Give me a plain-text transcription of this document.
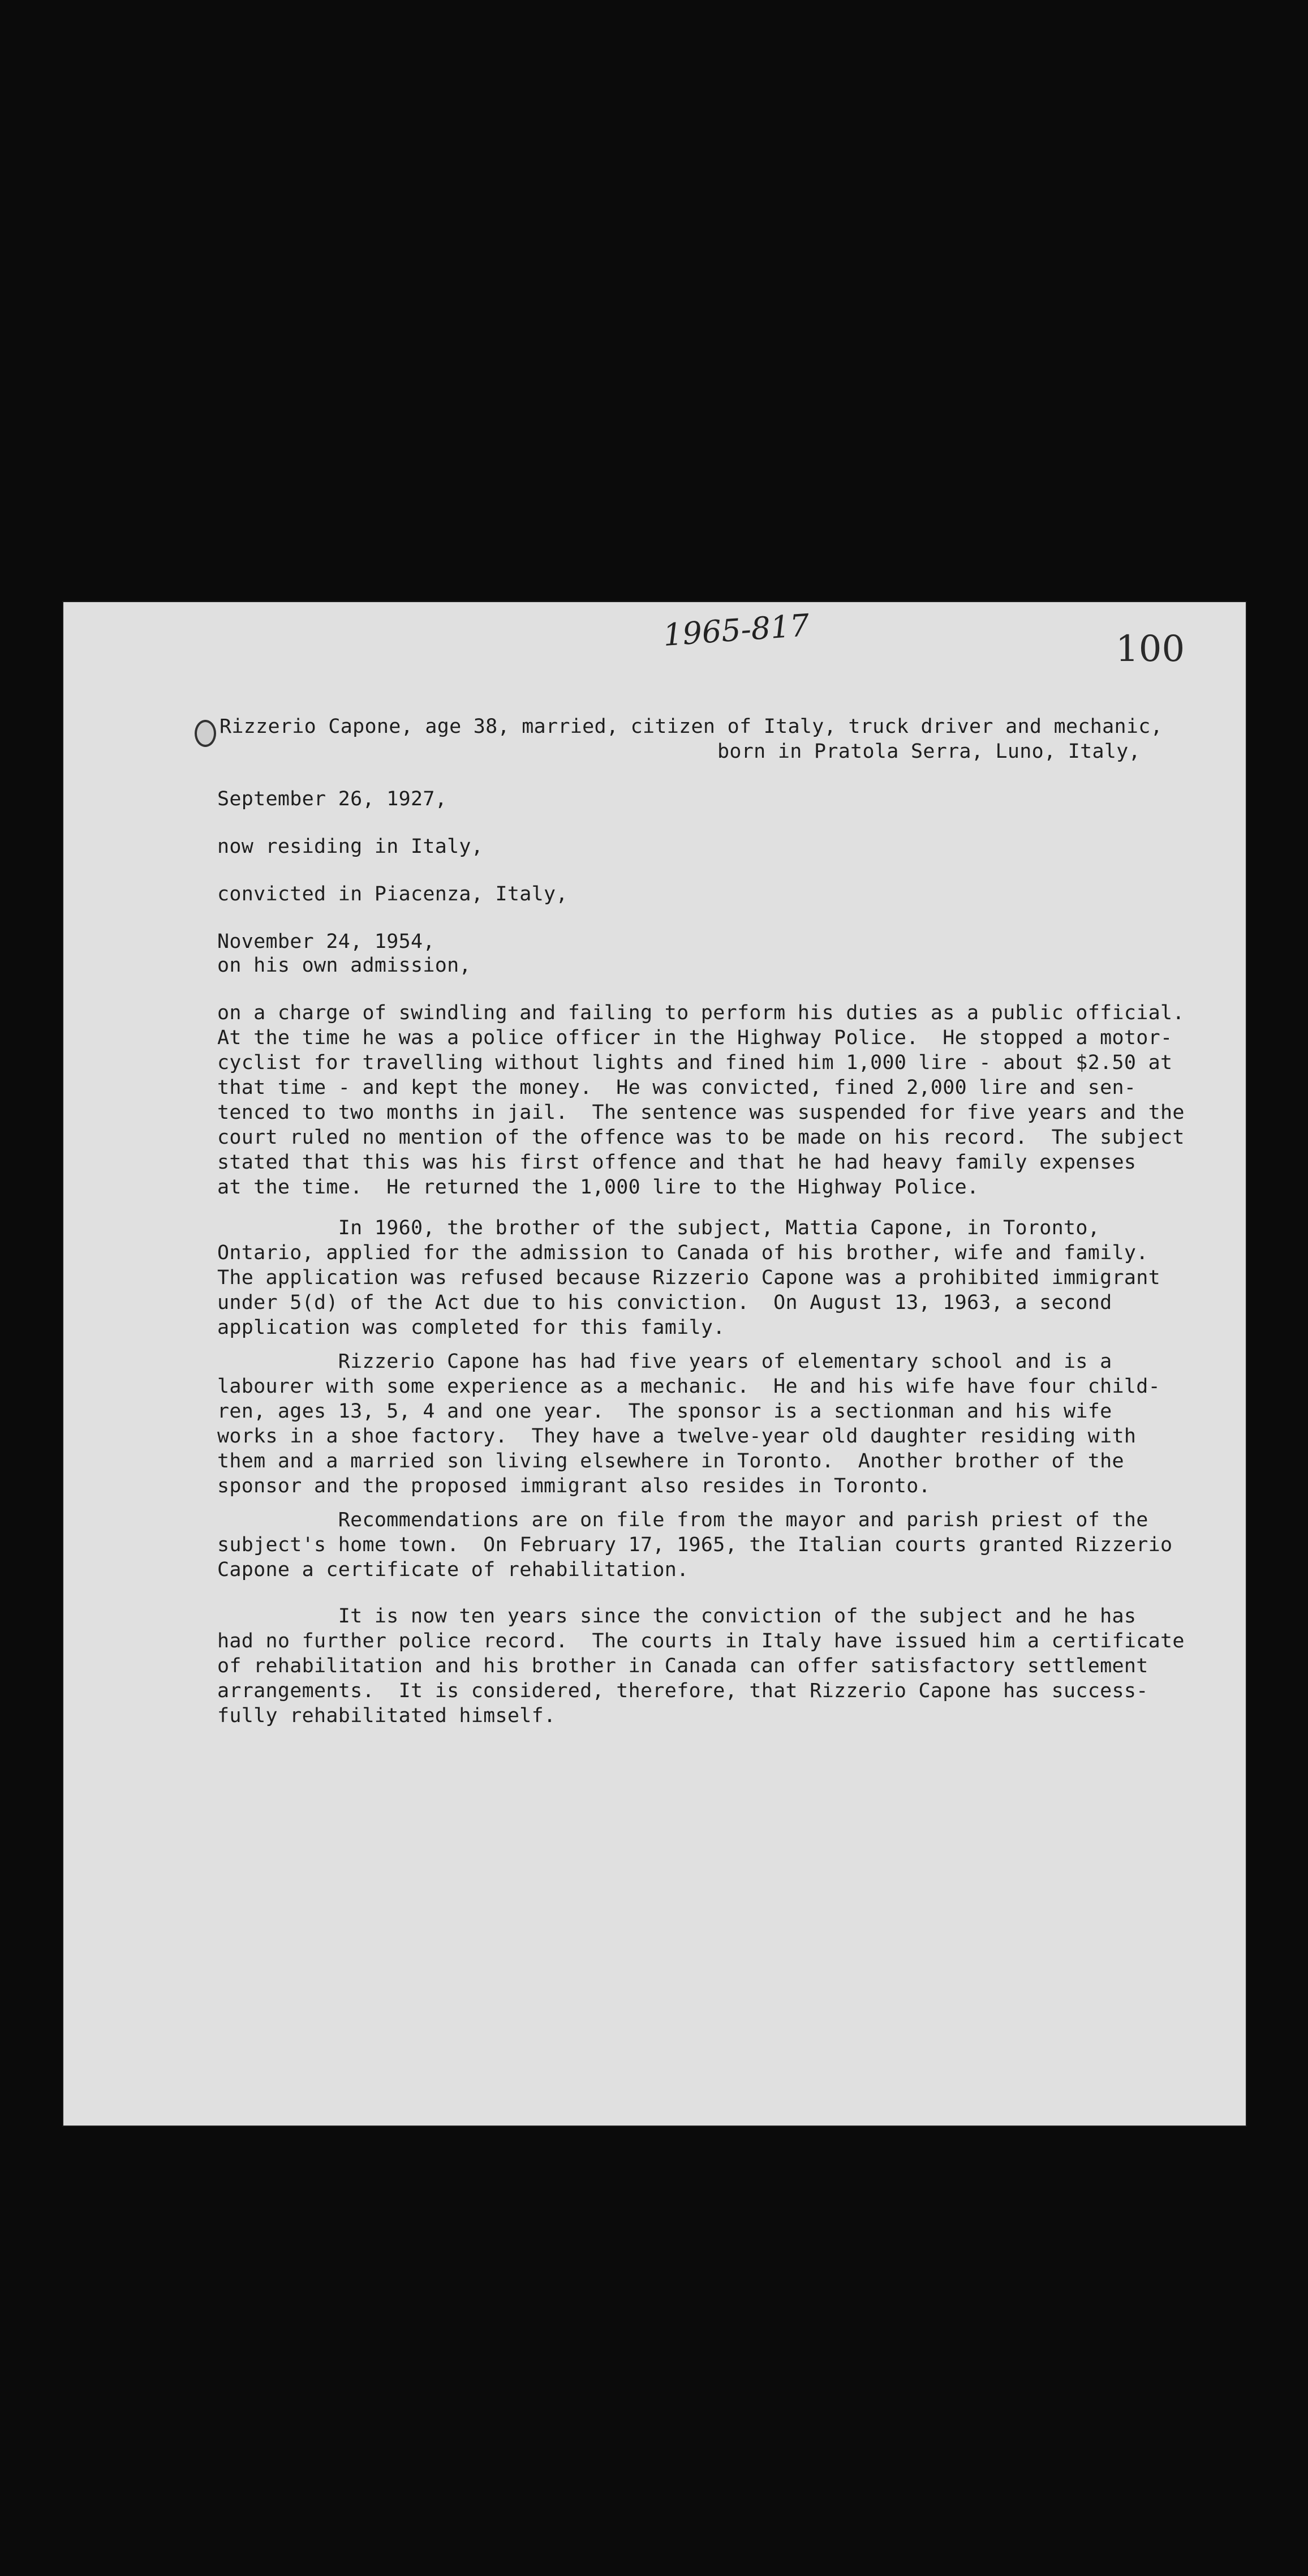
1965-817	100

Rizzerio Capone, age 38, married, citizen of Italy, truck driver and mechanic,

born in Pratola Serra, Luno, Italy,

September 26, 1927,

now residing in Italy,

convicted in Piacenza, Italy,

November 24, 1954,

on his own admission,

on a charge of swindling and failing to perform his duties as a public official.
At the time he was a police officer in the Highway Police.  He stopped a motor-
cyclist for travelling without lights and fined him 1,000 lire - about $2.50 at
that time - and kept the money.  He was convicted, fined 2,000 lire and sen-
tenced to two months in jail.  The sentence was suspended for five years and the
court ruled no mention of the offence was to be made on his record.  The subject
stated that this was his first offence and that he had heavy family expenses
at the time.  He returned the 1,000 lire to the Highway Police.

In 1960, the brother of the subject, Mattia Capone, in Toronto,
Ontario, applied for the admission to Canada of his brother, wife and family.
The application was refused because Rizzerio Capone was a prohibited immigrant
under 5(d) of the Act due to his conviction.  On August 13, 1963, a second
application was completed for this family.

Rizzerio Capone has had five years of elementary school and is a
labourer with some experience as a mechanic.  He and his wife have four child-
ren, ages 13, 5, 4 and one year.  The sponsor is a sectionman and his wife
works in a shoe factory.  They have a twelve-year old daughter residing with
them and a married son living elsewhere in Toronto.  Another brother of the
sponsor and the proposed immigrant also resides in Toronto.

Recommendations are on file from the mayor and parish priest of the
subject's home town.  On February 17, 1965, the Italian courts granted Rizzerio
Capone a certificate of rehabilitation.

It is now ten years since the conviction of the subject and he has
had no further police record.  The courts in Italy have issued him a certificate
of rehabilitation and his brother in Canada can offer satisfactory settlement
arrangements.  It is considered, therefore, that Rizzerio Capone has success-
fully rehabilitated himself.
